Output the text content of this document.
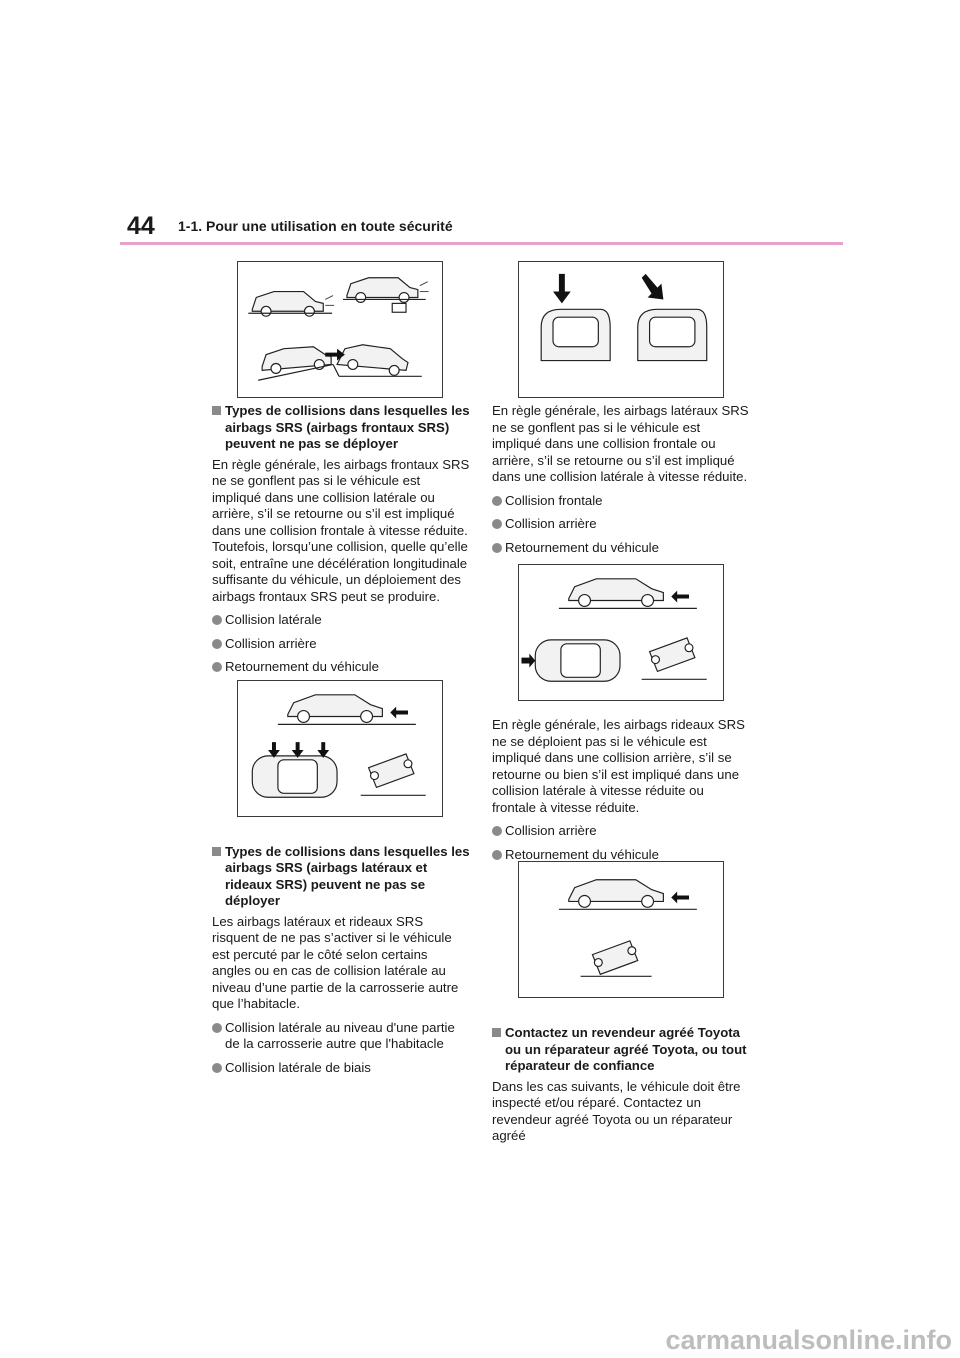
44 1-1. Pour une utilisation en toute sécurité
Types de collisions dans lesquelles les airbags SRS (airbags frontaux SRS) peuvent ne pas se déployer
En règle générale, les airbags frontaux SRS ne se gonflent pas si le véhicule est impliqué dans une collision latérale ou arrière, s’il se retourne ou s’il est impliqué dans une collision frontale à vitesse réduite. Toutefois, lorsqu’une collision, quelle qu’elle soit, entraîne une décélération longitudinale suffisante du véhicule, un déploiement des airbags frontaux SRS peut se produire.
Collision latérale
Collision arrière
Retournement du véhicule
Types de collisions dans lesquelles les airbags SRS (airbags latéraux et rideaux SRS) peuvent ne pas se déployer
Les airbags latéraux et rideaux SRS risquent de ne pas s’activer si le véhicule est percuté par le côté selon certains angles ou en cas de collision latérale au niveau d’une partie de la carrosserie autre que l’habitacle.
Collision latérale au niveau d'une partie de la carrosserie autre que l'habitacle
Collision latérale de biais
En règle générale, les airbags latéraux SRS ne se gonflent pas si le véhicule est impliqué dans une collision frontale ou arrière, s’il se retourne ou s’il est impliqué dans une collision latérale à vitesse réduite.
Collision frontale
Collision arrière
Retournement du véhicule
En règle générale, les airbags rideaux SRS ne se déploient pas si le véhicule est impliqué dans une collision arrière, s’il se retourne ou bien s’il est impliqué dans une collision latérale à vitesse réduite ou frontale à vitesse réduite.
Collision arrière
Retournement du véhicule
Contactez un revendeur agréé Toyota ou un réparateur agréé Toyota, ou tout réparateur de confiance
Dans les cas suivants, le véhicule doit être inspecté et/ou réparé. Contactez un revendeur agréé Toyota ou un réparateur agréé
carmanualsonline.info
